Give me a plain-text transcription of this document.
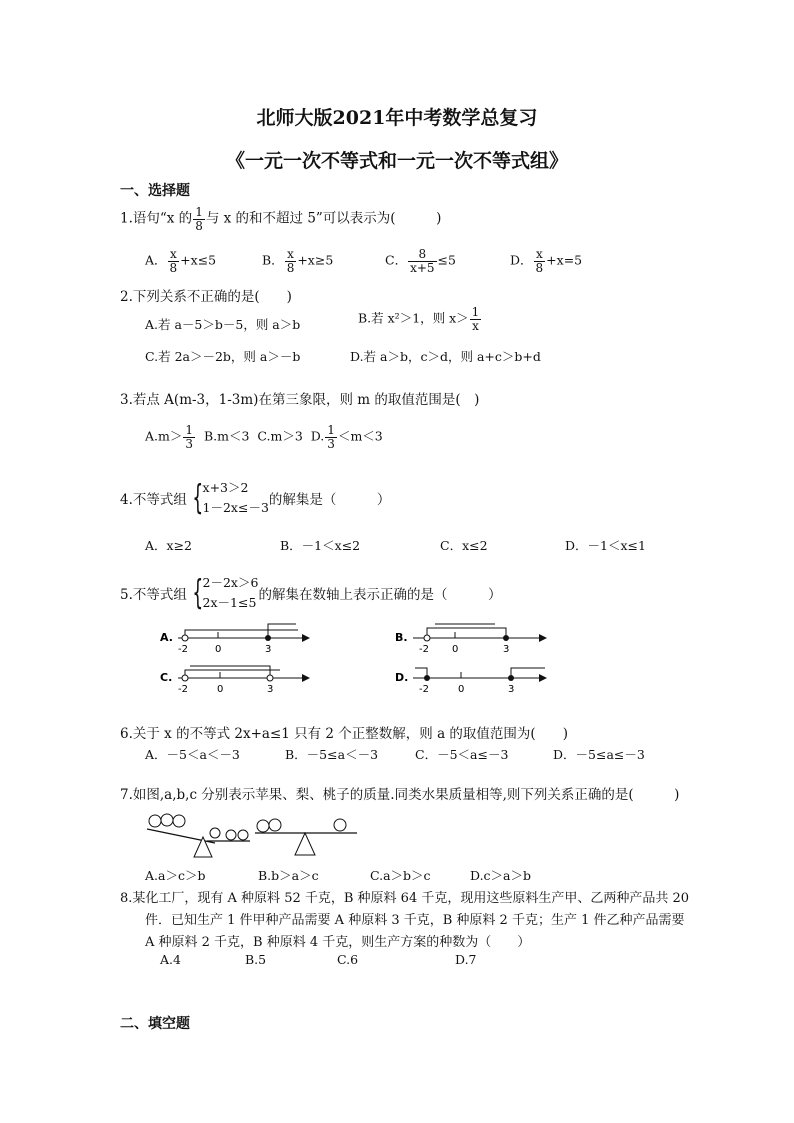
北师大版2021年中考数学总复习
《一元一次不等式和一元一次不等式组》
一、选择题
1.语句“x 的 $\frac{1}{8}$ 与 x 的和不超过 5”可以表示为(　　　)
A． $\frac{x}{8} +x\le 5$	B． $\frac{x}{8} +x\ge 5$	C． $\frac{8}{x+5} \le 5$	D． $\frac{x}{8} +x=5$
2.下列关系不正确的是(　　)
A.若 a－5＞b－5，则 a＞b	B.若 x²＞1，则 $x> \frac{1}{x}$
C.若 2a＞－2b，则 a＞－b	D.若 a＞b，c＞d，则 a+c＞b+d
3.若点 A(m-3，1-3m)在第三象限，则 m 的取值范围是(　)
$A.m> \frac{1}{3} B.m<3$ C.m＞3 D. $\frac{1}{3} <m<3$
4.不等式组 { x+3＞2
1－2x≤－3 的解集是（　　　）
A．x≥2	B．－1＜x≤2	C．x≤2	D．－1＜x≤1
5.不等式组 { 2－2x＞6
2x－1≤5 的解集在数轴上表示正确的是（　　　）
A.
-2	0	3
B.
-2 0	3
C.
-2	0	3
D.
-2	0	3
6.关于 x 的不等式 2x+a≤1 只有 2 个正整数解，则 a 的取值范围为(　　)
A．－5＜a＜－3	B．－5≤a＜－3	C．－5＜a≤－3	D．－5≤a≤－3
7.如图,a,b,c 分别表示苹果、梨、桃子的质量.同类水果质量相等,则下列关系正确的是(　　　)
A.a＞c＞b	B.b＞a＞c	C.a＞b＞c	D.c＞a＞b
8.某化工厂，现有 A 种原料 52 千克，B 种原料 64 千克，现用这些原料生产甲、乙两种产品共 20
件．已知生产 1 件甲种产品需要 A 种原料 3 千克，B 种原料 2 千克；生产 1 件乙种产品需要
A 种原料 2 千克，B 种原料 4 千克，则生产方案的种数为（　　）
A.4	B.5	C.6	D.7
二、填空题
